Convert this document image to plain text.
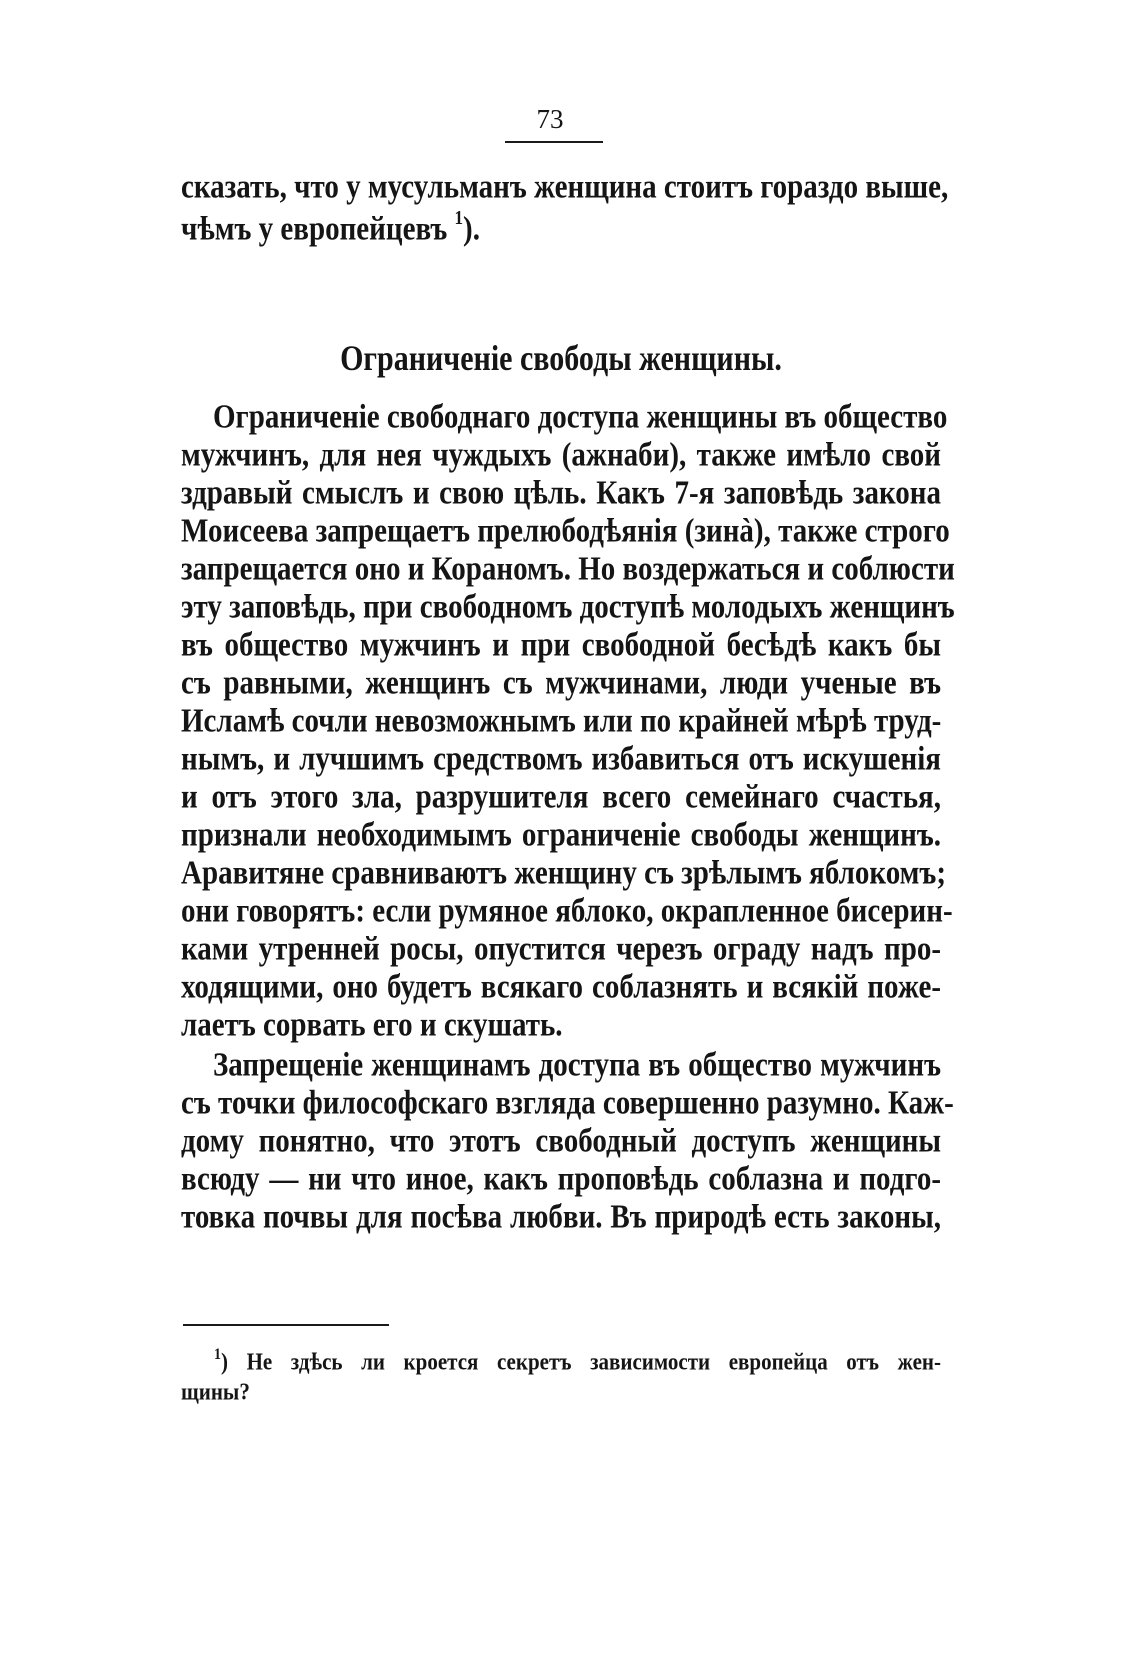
73
сказать, что у мусульманъ женщина стоитъ гораздо выше,
чѣмъ у европейцевъ $^1$).
Ограниченіе свободы женщины.
Ограниченіе свободнаго доступа женщины въ общество
мужчинъ, для нея чуждыхъ (ажнаби), также имѣло свой
здравый смыслъ и свою цѣль. Какъ 7-я заповѣдь закона
Моисеева запрещаетъ прелюбодѣянія (зинà), также строго
запрещается оно и Кораномъ. Но воздержаться и соблюсти
эту заповѣдь, при свободномъ доступѣ молодыхъ женщинъ
въ общество мужчинъ и при свободной бесѣдѣ какъ бы
съ равными, женщинъ съ мужчинами, люди ученые въ
Исламѣ сочли невозможнымъ или по крайней мѣрѣ труд-
нымъ, и лучшимъ средствомъ избавиться отъ искушенія
и отъ этого зла, разрушителя всего семейнаго счастья,
признали необходимымъ ограниченіе свободы женщинъ.
Аравитяне сравниваютъ женщину съ зрѣлымъ яблокомъ;
они говорятъ: если румяное яблоко, окрапленное бисерин-
ками утренней росы, опустится черезъ ограду надъ про-
ходящими, оно будетъ всякаго соблазнять и всякій поже-
лаетъ сорвать его и скушать.
Запрещеніе женщинамъ доступа въ общество мужчинъ
съ точки философскаго взгляда совершенно разумно. Каж-
дому понятно, что этотъ свободный доступъ женщины
всюду — ни что иное, какъ проповѣдь соблазна и подго-
товка почвы для посѣва любви. Въ природѣ есть законы,
$^1$) Не здѣсь ли кроется секретъ зависимости европейца отъ жен-
щины?
